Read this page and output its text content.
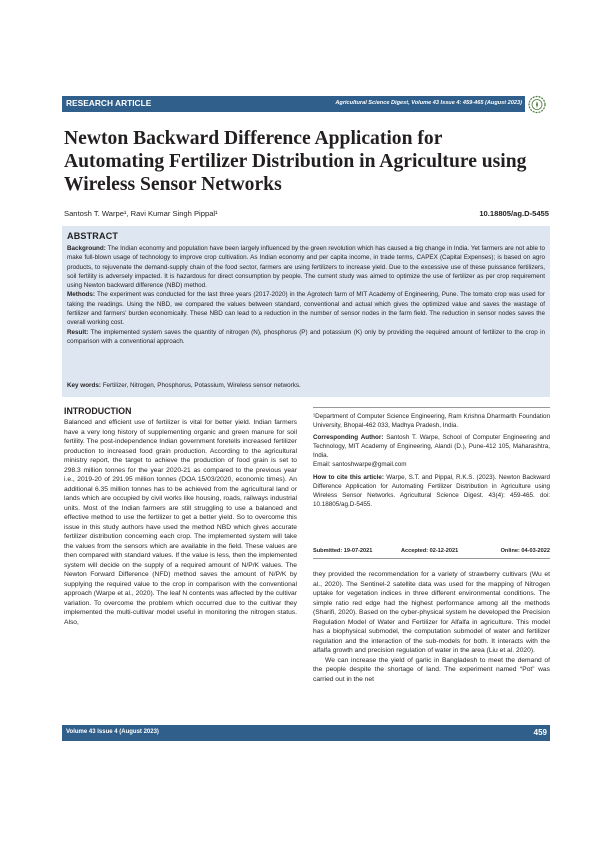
RESEARCH ARTICLE	Agricultural Science Digest, Volume 43 Issue 4: 459-465 (August 2023)
Newton Backward Difference Application for Automating Fertilizer Distribution in Agriculture using Wireless Sensor Networks
Santosh T. Warpe¹, Ravi Kumar Singh Pippal¹	10.18805/ag.D-5455
ABSTRACT

Background: The Indian economy and population have been largely influenced by the green revolution which has caused a big change in India. Yet farmers are not able to make full-blown usage of technology to improve crop cultivation. As Indian economy and per capita income, in trade terms, CAPEX (Capital Expenses); is based on agro products, to rejuvenate the demand-supply chain of the food sector, farmers are using fertilizers to increase yield. Due to the excessive use of these puissance fertilizers, soil fertility is adversely impacted. It is hazardous for direct consumption by people. The current study was aimed to optimize the use of fertilizer as per crop requirement using Newton backward difference (NBD) method.

Methods: The experiment was conducted for the last three years (2017-2020) in the Agrotech farm of MIT Academy of Engineering, Pune. The tomato crop was used for taking the readings. Using the NBD, we compared the values between standard, conventional and actual which gives the optimized value and saves the wastage of fertilizer and farmers’ burden economically. These NBD can lead to a reduction in the number of sensor nodes in the farm field. The reduction in sensor nodes saves the overall working cost.

Result: The implemented system saves the quantity of nitrogen (N), phosphorus (P) and potassium (K) only by providing the required amount of fertilizer to the crop in comparison with a conventional approach.

Key words: Fertilizer, Nitrogen, Phosphorus, Potassium, Wireless sensor networks.
INTRODUCTION
Balanced and efficient use of fertilizer is vital for better yield. Indian farmers have a very long history of supplementing organic and green manure for soil fertility. The post-independence Indian government foretells increased fertilizer production to increased food grain production. According to the agricultural ministry report, the target to achieve the production of food grain is set to 298.3 million tonnes for the year 2020-21 as compared to the previous year i.e., 2019-20 of 291.95 million tonnes (DOA 15/03/2020, economic times). An additional 6.35 million tonnes has to be achieved from the agricultural land or lands which are occupied by civil works like housing, roads, railways industrial units. Most of the Indian farmers are still struggling to use a balanced and effective method to use the fertilizer to get a better yield. So to overcome this issue in this study authors have used the method NBD which gives accurate fertilizer distribution concerning each crop. The implemented system will take the values from the sensors which are available in the field. These values are then compared with standard values. If the value is less, then the implemented system will decide on the supply of a required amount of N/P/K values. The Newton Forward Difference (NFD) method saves the amount of N/P/K by supplying the required value to the crop in comparison with the conventional approach (Warpe et al., 2020). The leaf N contents was affected by the cultivar variation. To overcome the problem which occurred due to the cultivar they implemented the multi-cultivar model useful in monitoring the nitrogen status. Also,

¹Department of Computer Science Engineering, Ram Krishna Dharmarth Foundation University, Bhopal-462 033, Madhya Pradesh, India.

Corresponding Author: Santosh T. Warpe, School of Computer Engineering and Technology, MIT Academy of Engineering, Alandi (D.), Pune-412 105, Maharashtra, India.
Email: santoshwarpe@gmail.com

How to cite this article: Warpe, S.T. and Pippal, R.K.S. (2023). Newton Backward Difference Application for Automating Fertilizer Distribution in Agriculture using Wireless Sensor Networks. Agricultural Science Digest. 43(4): 459-465. doi: 10.18805/ag.D-5455.

Submitted: 19-07-2021	Accepted: 02-12-2021	Online: 04-03-2022

they provided the recommendation for a variety of strawberry cultivars (Wu et al., 2020). The Sentinel-2 satellite data was used for the mapping of Nitrogen uptake for vegetation indices in three different environmental conditions. The simple ratio red edge had the highest performance among all the methods (Sharifi, 2020). Based on the cyber-physical system he developed the Precision Regulation Model of Water and Fertilizer for Alfalfa in agriculture. This model has a biophysical submodel, the computation submodel of water and fertilizer regulation and the interaction of the sub-models for both. It interacts with the alfalfa growth and precision regulation of water in the area (Liu et al. 2020).

We can increase the yield of garlic in Bangladesh to meet the demand of the people despite the shortage of land. The experiment named “Pot” was carried out in the net

Volume 43 Issue 4 (August 2023)	459
